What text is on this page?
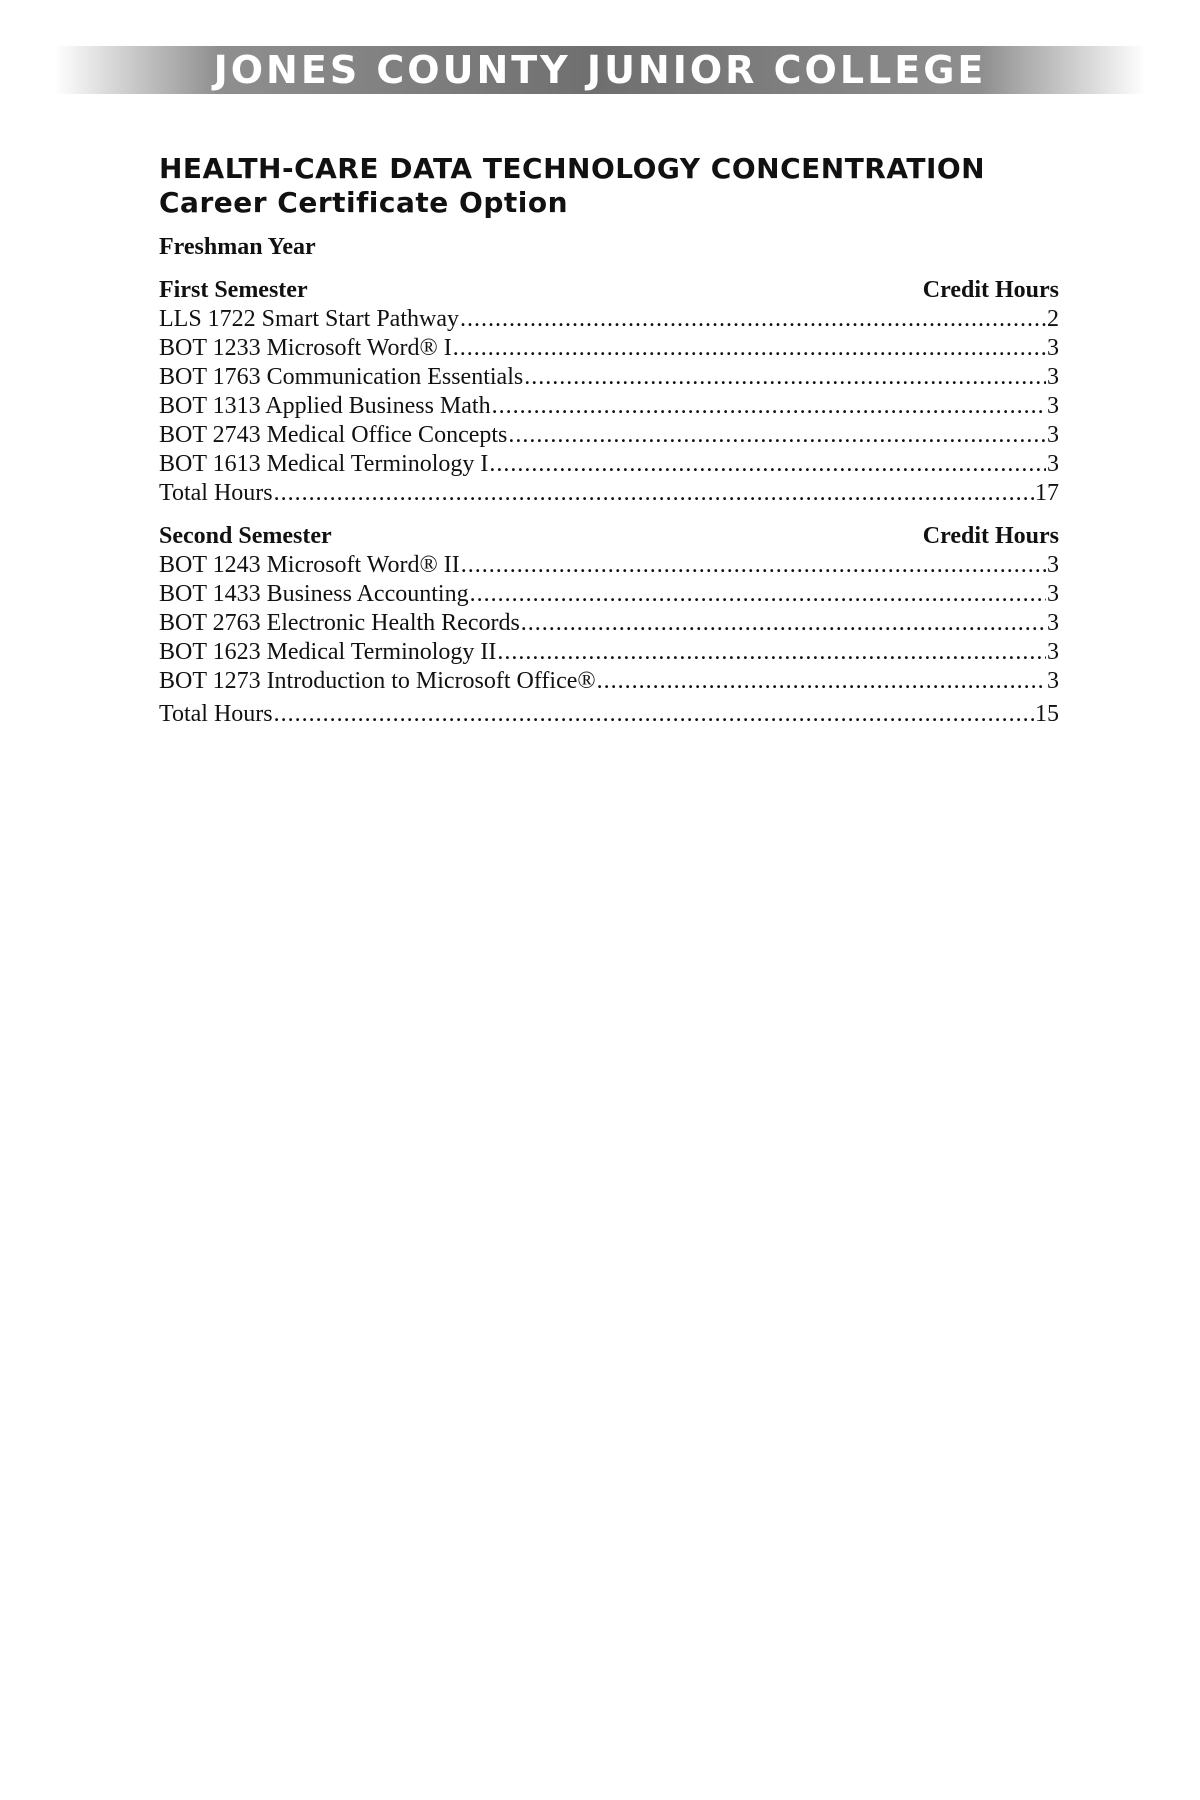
JONES COUNTY JUNIOR COLLEGE
HEALTH-CARE DATA TECHNOLOGY CONCENTRATION
Career Certificate Option
Freshman Year
First Semester	Credit Hours
LLS 1722 Smart Start Pathway .....	2
BOT 1233 Microsoft Word® I .....	3
BOT 1763 Communication Essentials .....	3
BOT 1313 Applied Business Math .....	3
BOT 2743 Medical Office Concepts .....	3
BOT 1613 Medical Terminology I .....	3
Total Hours .....	17
Second Semester	Credit Hours
BOT 1243 Microsoft Word® II .....	3
BOT 1433 Business Accounting .....	3
BOT 2763 Electronic Health Records .....	3
BOT 1623 Medical Terminology II .....	3
BOT 1273 Introduction to Microsoft Office® .....	3
Total Hours .....	15
